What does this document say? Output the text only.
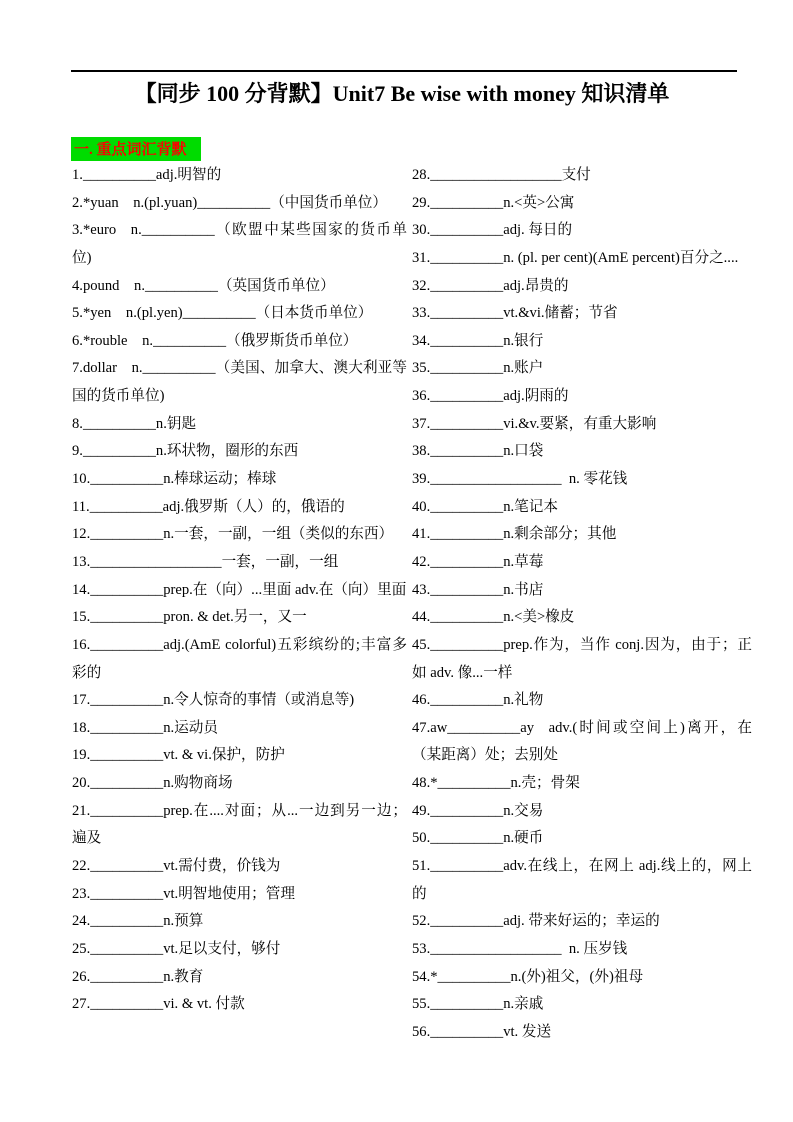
【同步 100 分背默】Unit7 Be wise with money 知识清单
一. 重点词汇背默
1.__________adj.明智的
2.*yuan  n.(pl.yuan)__________（中国货币单位）
3.*euro  n.__________（欧盟中某些国家的货币单位)
4.pound  n.__________（英国货币单位）
5.*yen  n.(pl.yen)__________（日本货币单位）
6.*rouble  n.__________（俄罗斯货币单位）
7.dollar  n.__________（美国、加拿大、澳大利亚等国的货币单位)
8.__________n.钥匙
9.__________n.环状物，圈形的东西
10.__________n.棒球运动；棒球
11.__________adj.俄罗斯（人）的，俄语的
12.__________n.一套，一副，一组（类似的东西）
13.__________________一套，一副，一组
14.__________prep.在（向）...里面 adv.在（向）里面
15.__________pron. & det.另一，又一
16.__________adj.(AmE colorful)五彩缤纷的;丰富多彩的
17.__________n.令人惊奇的事情（或消息等)
18.__________n.运动员
19.__________vt. & vi.保护，防护
20.__________n.购物商场
21.__________prep.在....对面；从...一边到另一边；遍及
22.__________vt.需付费，价钱为
23.__________vt.明智地使用；管理
24.__________n.预算
25.__________vt.足以支付，够付
26.__________n.教育
27.__________vi. & vt. 付款
28.__________________支付
29.__________n.<英>公寓
30.__________adj. 每日的
31.__________n. (pl. per cent)(AmE percent)百分之....
32.__________adj.昂贵的
33.__________vt.&vi.储蓄；节省
34.__________n.银行
35.__________n.账户
36.__________adj.阴雨的
37.__________vi.&v.要紧，有重大影响
38.__________n.口袋
39.__________________ n. 零花钱
40.__________n.笔记本
41.__________n.剩余部分；其他
42.__________n.草莓
43.__________n.书店
44.__________n.<美>橡皮
45.__________prep.作为，当作 conj.因为，由于；正如 adv. 像...一样
46.__________n.礼物
47.aw__________ay  adv.(时间或空间上)离开，在（某距离）处；去别处
48.*__________n.壳；骨架
49.__________n.交易
50.__________n.硬币
51.__________adv.在线上，在网上 adj.线上的，网上的
52.__________adj. 带来好运的；幸运的
53.__________________ n. 压岁钱
54.*__________n.(外)祖父，(外)祖母
55.__________n.亲戚
56.__________vt. 发送
